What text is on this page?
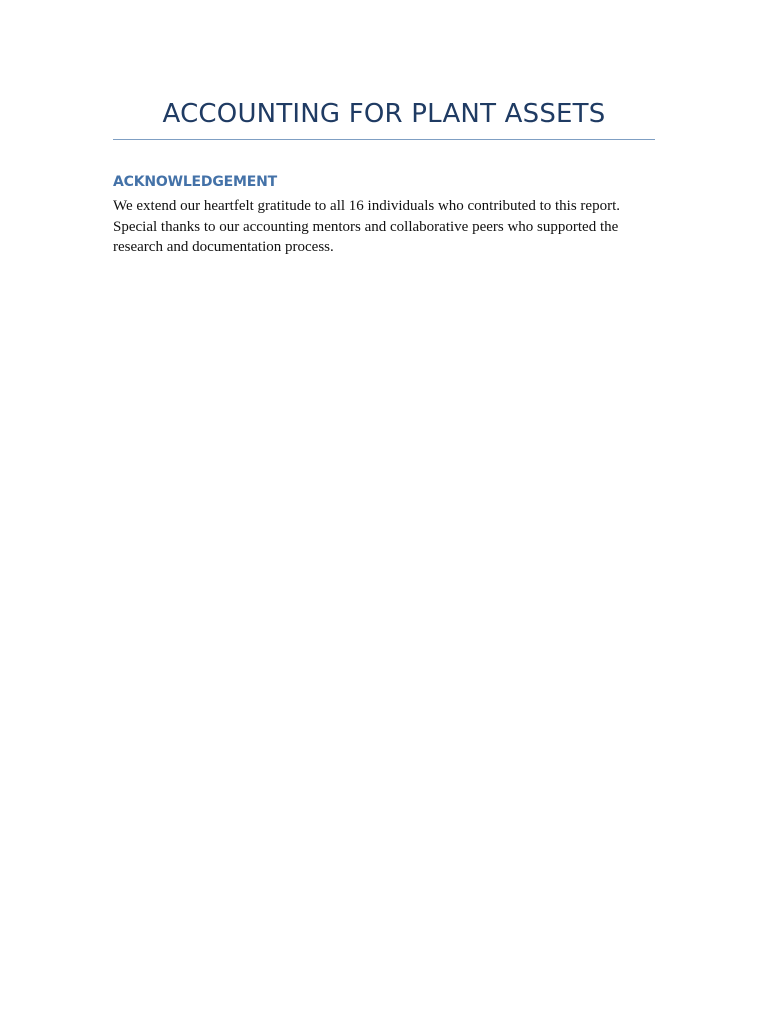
ACCOUNTING FOR PLANT ASSETS
ACKNOWLEDGEMENT
We extend our heartfelt gratitude to all 16 individuals who contributed to this report.
Special thanks to our accounting mentors and collaborative peers who supported the
research and documentation process.
